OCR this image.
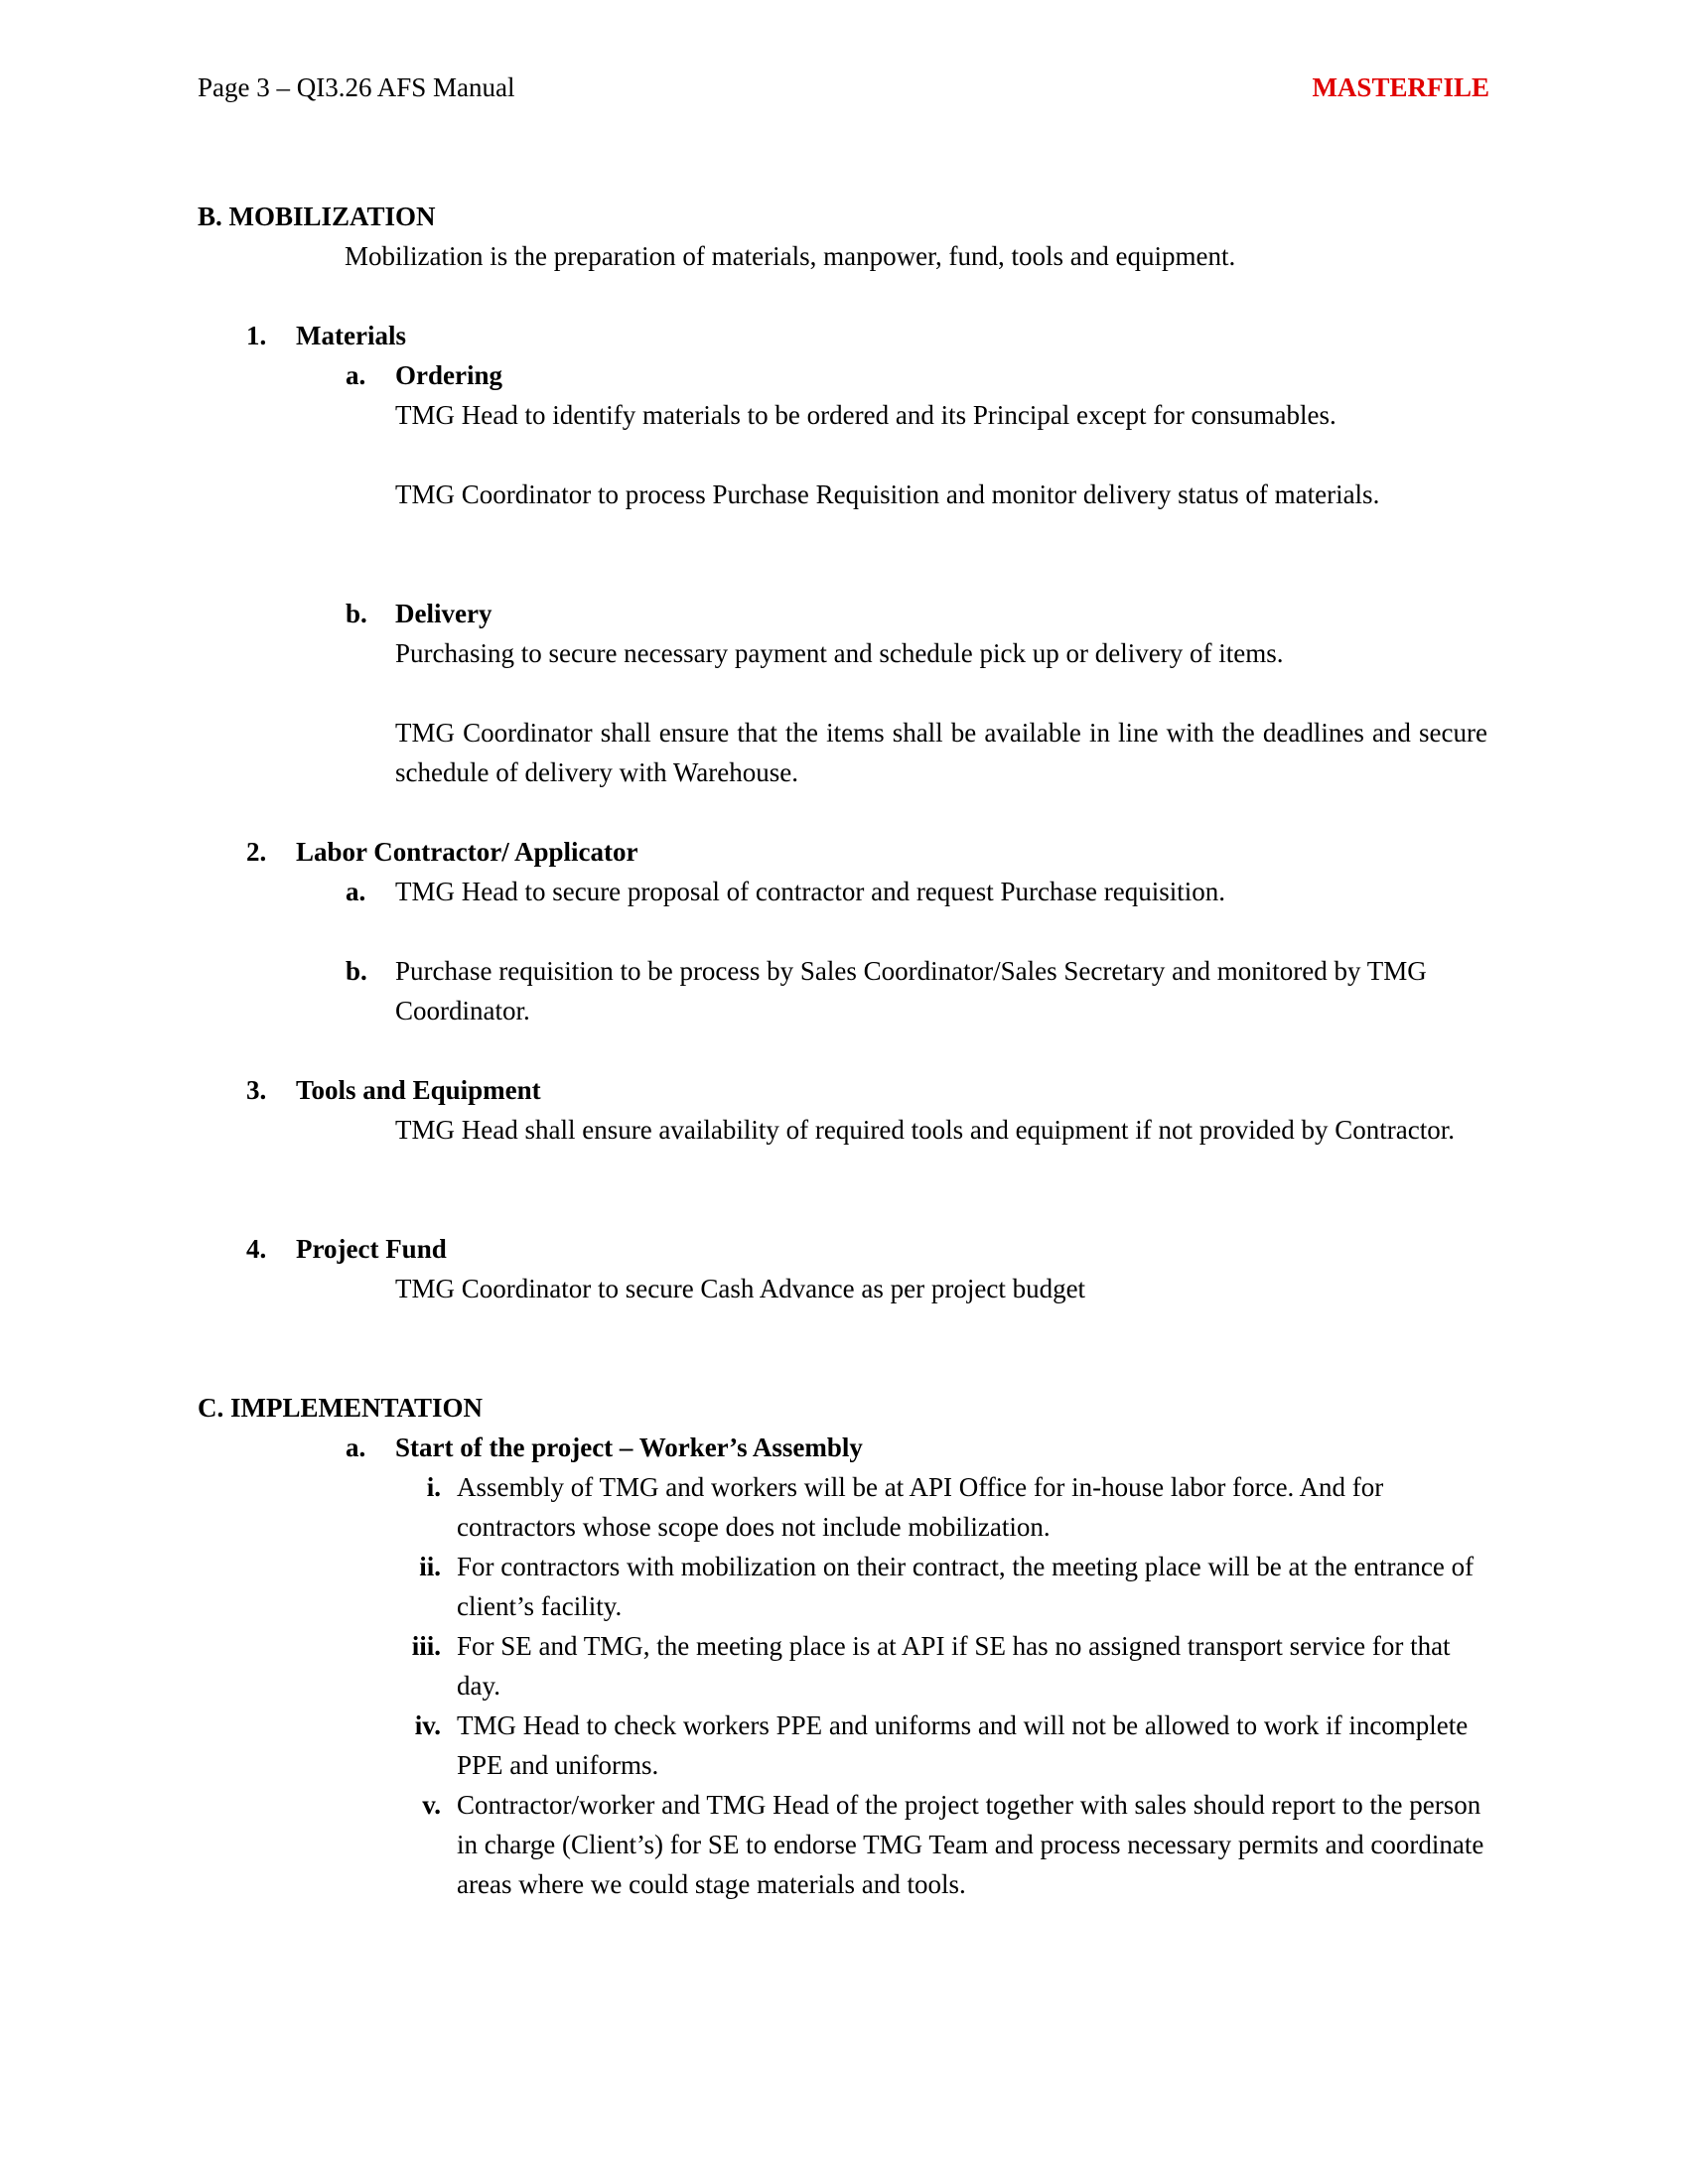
Page 3 – QI3.26 AFS Manual	MASTERFILE
B. MOBILIZATION
Mobilization is the preparation of materials, manpower, fund, tools and equipment.
1. Materials
a. Ordering
TMG Head to identify materials to be ordered and its Principal except for consumables.
TMG Coordinator to process Purchase Requisition and monitor delivery status of materials.
b. Delivery
Purchasing to secure necessary payment and schedule pick up or delivery of items.
TMG Coordinator shall ensure that the items shall be available in line with the deadlines and secure schedule of delivery with Warehouse.
2. Labor Contractor/ Applicator
a. TMG Head to secure proposal of contractor and request Purchase requisition.
b. Purchase requisition to be process by Sales Coordinator/Sales Secretary and monitored by TMG Coordinator.
3. Tools and Equipment
TMG Head shall ensure availability of required tools and equipment if not provided by Contractor.
4. Project Fund
TMG Coordinator to secure Cash Advance as per project budget
C. IMPLEMENTATION
a. Start of the project – Worker’s Assembly
i. Assembly of TMG and workers will be at API Office for in-house labor force. And for contractors whose scope does not include mobilization.
ii. For contractors with mobilization on their contract, the meeting place will be at the entrance of client’s facility.
iii. For SE and TMG, the meeting place is at API if SE has no assigned transport service for that day.
iv. TMG Head to check workers PPE and uniforms and will not be allowed to work if incomplete PPE and uniforms.
v. Contractor/worker and TMG Head of the project together with sales should report to the person in charge (Client’s) for SE to endorse TMG Team and process necessary permits and coordinate areas where we could stage materials and tools.
